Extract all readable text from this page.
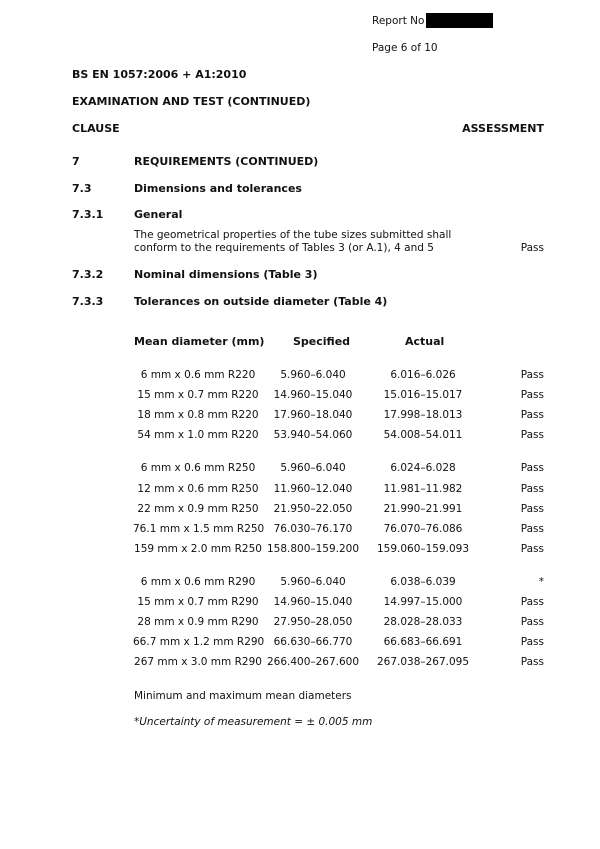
Report No
Page 6 of 10
BS EN 1057:2006 + A1:2010
EXAMINATION AND TEST (CONTINUED)
CLAUSE	ASSESSMENT
7	REQUIREMENTS (CONTINUED)
7.3	Dimensions and tolerances
7.3.1	General
The geometrical properties of the tube sizes submitted shall
conform to the requirements of Tables 3 (or A.1), 4 and 5	Pass
7.3.2	Nominal dimensions (Table 3)
7.3.3	Tolerances on outside diameter (Table 4)
Mean diameter (mm)	Specified	Actual
6 mm x 0.6 mm R220	5.960–6.040	6.016–6.026	Pass
15 mm x 0.7 mm R220	14.960–15.040	15.016–15.017	Pass
18 mm x 0.8 mm R220	17.960–18.040	17.998–18.013	Pass
54 mm x 1.0 mm R220	53.940–54.060	54.008–54.011	Pass
6 mm x 0.6 mm R250	5.960–6.040	6.024–6.028	Pass
12 mm x 0.6 mm R250	11.960–12.040	11.981–11.982	Pass
22 mm x 0.9 mm R250	21.950–22.050	21.990–21.991	Pass
76.1 mm x 1.5 mm R250 76.030–76.170	76.070–76.086	Pass
159 mm x 2.0 mm R250 158.800–159.200	159.060–159.093	Pass
6 mm x 0.6 mm R290	5.960–6.040	6.038–6.039	*
15 mm x 0.7 mm R290	14.960–15.040	14.997–15.000	Pass
28 mm x 0.9 mm R290	27.950–28.050	28.028–28.033	Pass
66.7 mm x 1.2 mm R290 66.630–66.770	66.683–66.691	Pass
267 mm x 3.0 mm R290 266.400–267.600	267.038–267.095	Pass
Minimum and maximum mean diameters
*Uncertainty of measurement = ± 0.005 mm
